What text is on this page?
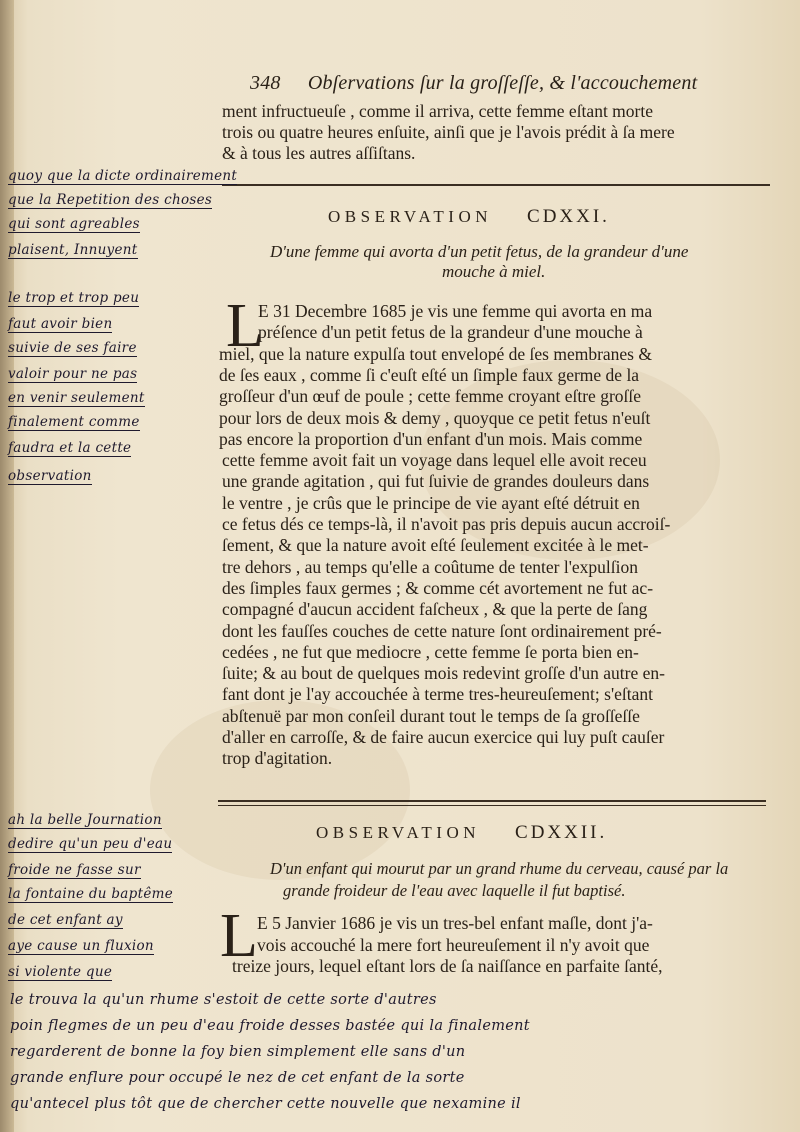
348 Obſervations ſur la groſſeſſe, & l'accouchement
ment infructueuſe , comme il arriva, cette femme eſtant morte
trois ou quatre heures enſuite, ainſi que je l'avois prédit à ſa mere
& à tous les autres aſſiſtans.
OBSERVATION CDXXI.
D'une femme qui avorta d'un petit fetus, de la grandeur d'une
mouche à miel.
L
E 31 Decembre 1685 je vis une femme qui avorta en ma
préſence d'un petit fetus de la grandeur d'une mouche à
miel, que la nature expulſa tout envelopé de ſes membranes &
de ſes eaux , comme ſi c'euſt eſté un ſimple faux germe de la
groſſeur d'un œuf de poule ; cette femme croyant eſtre groſſe
pour lors de deux mois & demy , quoyque ce petit fetus n'euſt
pas encore la proportion d'un enfant d'un mois. Mais comme
cette femme avoit fait un voyage dans lequel elle avoit receu
une grande agitation , qui fut ſuivie de grandes douleurs dans
le ventre , je crûs que le principe de vie ayant eſté détruit en
ce fetus dés ce temps-là, il n'avoit pas pris depuis aucun accroiſ-
ſement, & que la nature avoit eſté ſeulement excitée à le met-
tre dehors , au temps qu'elle a coûtume de tenter l'expulſion
des ſimples faux germes ; & comme cét avortement ne fut ac-
compagné d'aucun accident faſcheux , & que la perte de ſang
dont les fauſſes couches de cette nature ſont ordinairement pré-
cedées , ne fut que mediocre , cette femme ſe porta bien en-
ſuite; & au bout de quelques mois redevint groſſe d'un autre en-
fant dont je l'ay accouchée à terme tres-heureuſement; s'eſtant
abſtenuë par mon conſeil durant tout le temps de ſa groſſeſſe
d'aller en carroſſe, & de faire aucun exercice qui luy puſt cauſer
trop d'agitation.
OBSERVATION CDXXII.
D'un enfant qui mourut par un grand rhume du cerveau, causé par la
grande froideur de l'eau avec laquelle il fut baptisé.
L E 5 Janvier 1686 je vis un tres-bel enfant maſle, dont j'a-
vois accouché la mere fort heureuſement il n'y avoit que
treize jours, lequel eſtant lors de ſa naiſſance en parfaite ſanté,
quoy que la dicte ordinairement
que la Repetition des choses
qui sont agreables
plaisent, Innuyent
le trop et trop peu
faut avoir bien
suivie de ses faire
valoir pour ne pas
en venir seulement
finalement comme
faudra et la cette
observation
ah la belle Journation
dedire qu'un peu d'eau
froide ne fasse sur
la fontaine du baptême
de cet enfant ay
aye cause un fluxion
si violente que
le trouva la qu'un rhume s'estoit de cette sorte d'autres
poin flegmes de un peu d'eau froide desses bastée qui la finalement
regarderent de bonne la foy bien simplement elle sans d'un
grande enflure pour occupé le nez de cet enfant de la sorte
qu'antecel plus tôt que de chercher cette nouvelle que nexamine il
